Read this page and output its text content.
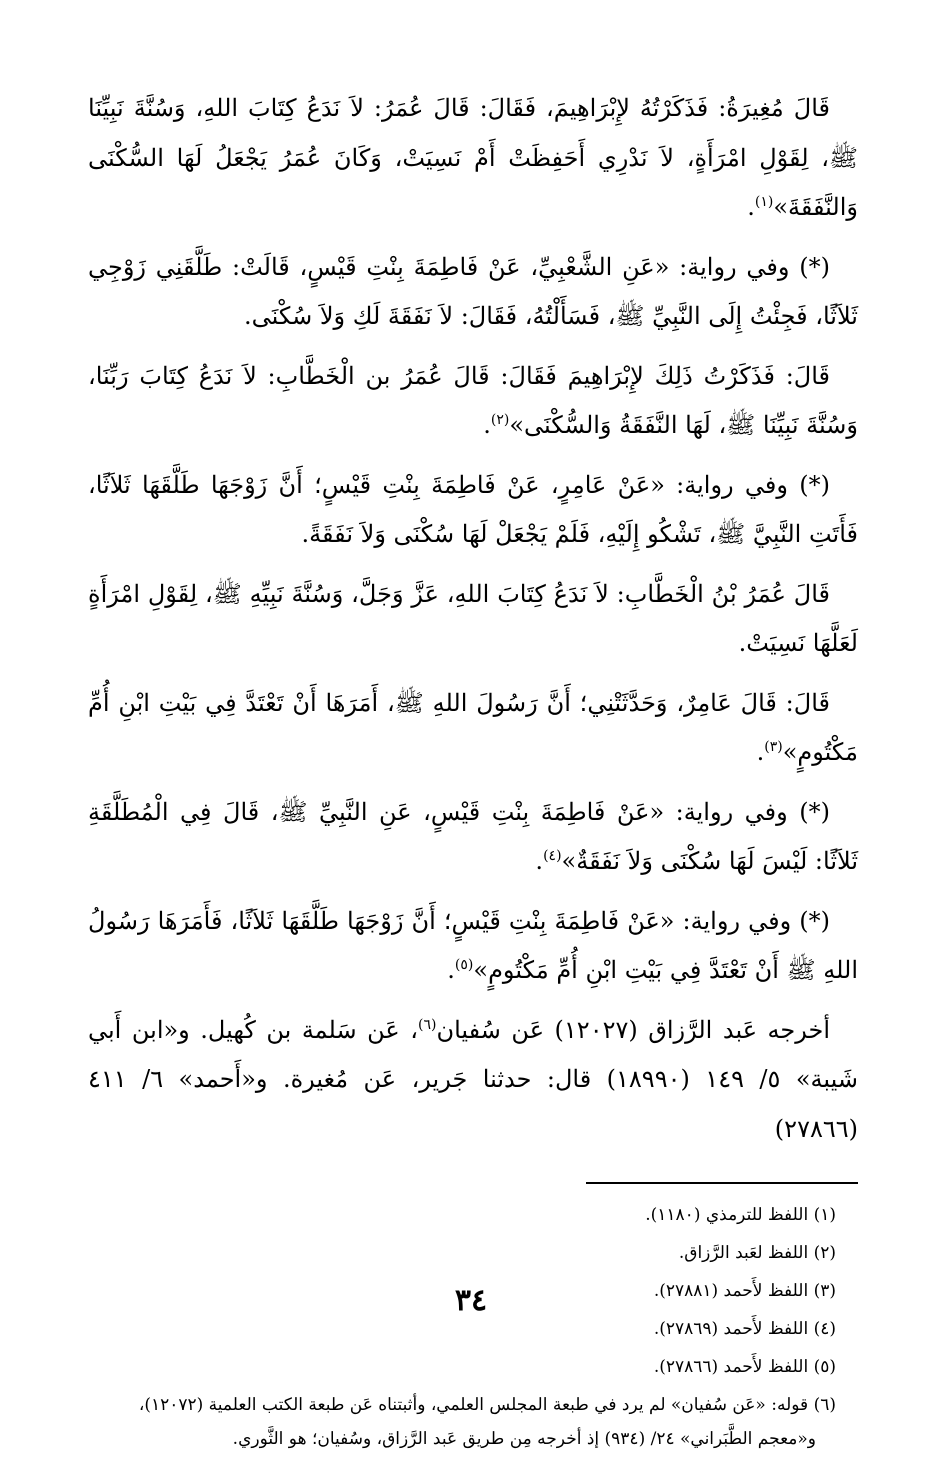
قَالَ مُغِيرَةُ: فَذَكَرْتُهُ لإِبْرَاهِيمَ، فَقَالَ: قَالَ عُمَرُ: لاَ نَدَعُ كِتَابَ اللهِ، وَسُنَّةَ نَبِيِّنَا ﷺ، لِقَوْلِ امْرَأَةٍ، لاَ نَدْرِي أَحَفِظَتْ أَمْ نَسِيَتْ، وَكَانَ عُمَرُ يَجْعَلُ لَهَا السُّكْنَى وَالنَّفَقَةَ»$^{(١)}$.

(*) وفي رواية: «عَنِ الشَّعْبِيِّ، عَنْ فَاطِمَةَ بِنْتِ قَيْسٍ، قَالَتْ: طَلَّقَنِي زَوْجِي ثَلاَثًا، فَجِئْتُ إِلَى النَّبِيِّ ﷺ، فَسَأَلْتُهُ، فَقَالَ: لاَ نَفَقَةَ لَكِ وَلاَ سُكْنَى.

قَالَ: فَذَكَرْتُ ذَلِكَ لإِبْرَاهِيمَ فَقَالَ: قَالَ عُمَرُ بن الْخَطَّابِ: لاَ نَدَعُ كِتَابَ رَبِّنَا، وَسُنَّةَ نَبِيِّنَا ﷺ، لَهَا النَّفَقَةُ وَالسُّكْنَى»$^{(٢)}$.

(*) وفي رواية: «عَنْ عَامِرٍ، عَنْ فَاطِمَةَ بِنْتِ قَيْسٍ؛ أَنَّ زَوْجَهَا طَلَّقَهَا ثَلاَثًا، فَأَتَتِ النَّبِيَّ ﷺ، تَشْكُو إِلَيْهِ، فَلَمْ يَجْعَلْ لَهَا سُكْنَى وَلاَ نَفَقَةً.

قَالَ عُمَرُ بْنُ الْخَطَّابِ: لاَ نَدَعُ كِتَابَ اللهِ، عَزَّ وَجَلَّ، وَسُنَّةَ نَبِيِّهِ ﷺ، لِقَوْلِ امْرَأَةٍ لَعَلَّهَا نَسِيَتْ.

قَالَ: قَالَ عَامِرٌ، وَحَدَّثَتْنِي؛ أَنَّ رَسُولَ اللهِ ﷺ، أَمَرَهَا أَنْ تَعْتَدَّ فِي بَيْتِ ابْنِ أُمِّ مَكْتُومٍ»$^{(٣)}$.

(*) وفي رواية: «عَنْ فَاطِمَةَ بِنْتِ قَيْسٍ، عَنِ النَّبِيِّ ﷺ، قَالَ فِي الْمُطَلَّقَةِ ثَلاَثًا: لَيْسَ لَهَا سُكْنَى وَلاَ نَفَقَةٌ»$^{(٤)}$.

(*) وفي رواية: «عَنْ فَاطِمَةَ بِنْتِ قَيْسٍ؛ أَنَّ زَوْجَهَا طَلَّقَهَا ثَلاَثًا، فَأَمَرَهَا رَسُولُ اللهِ ﷺ أَنْ تَعْتَدَّ فِي بَيْتِ ابْنِ أُمِّ مَكْتُومٍ»$^{(٥)}$.

أخرجه عَبد الرَّزاق (١٢٠٢٧) عَن سُفيان$^{(٦)}$، عَن سَلمة بن كُهيل. و«ابن أَبي شَيبة» ٥/ ١٤٩ (١٨٩٩٠) قال: حدثنا جَرير، عَن مُغيرة. و«أَحمد» ٦/ ٤١١ (٢٧٨٦٦)

(١) اللفظ للترمذي (١١٨٠).

(٢) اللفظ لعَبد الرَّزاق.

(٣) اللفظ لأَحمد (٢٧٨٨١).

(٤) اللفظ لأَحمد (٢٧٨٦٩).

(٥) اللفظ لأَحمد (٢٧٨٦٦).

(٦) قوله: «عَن سُفيان» لم يرد في طبعة المجلس العلمي، وأثبتناه عَن طبعة الكتب العلمية (١٢٠٧٢)،
و«معجم الطَّبَراني» ٢٤/ (٩٣٤) إذ أخرجه مِن طريق عَبد الرَّزاق، وسُفيان؛ هو الثَّوري.

٣٤
